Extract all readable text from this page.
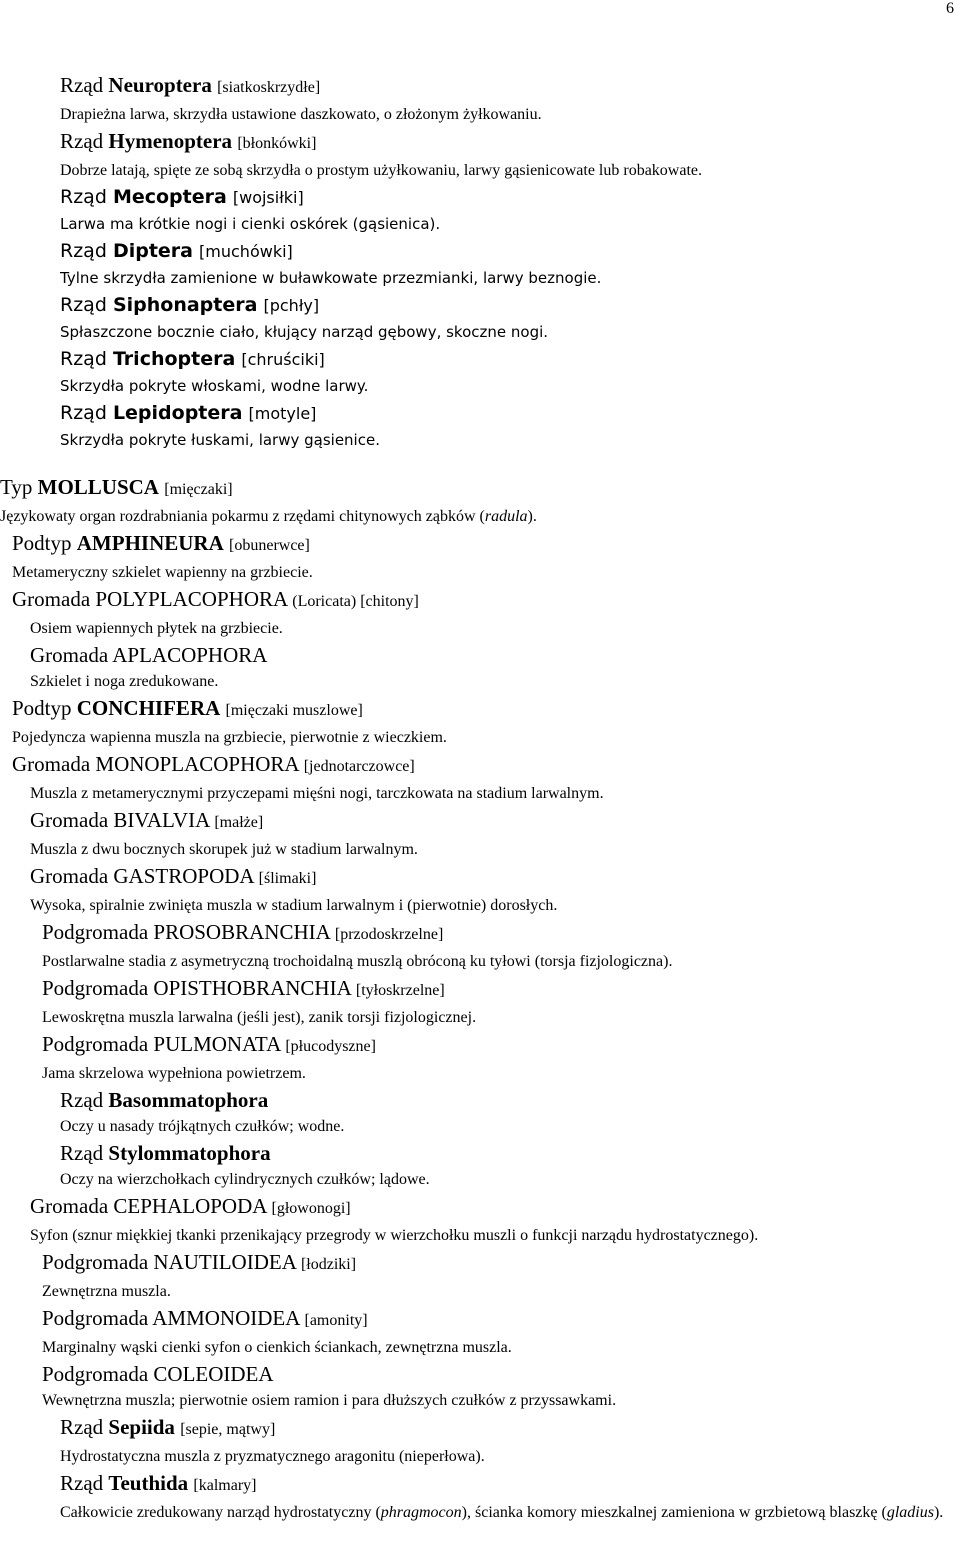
6
Rząd Neuroptera [siatkoskrzydłe]
Drapieżna larwa, skrzydła ustawione daszkowato, o złożonym żyłkowaniu.
Rząd Hymenoptera [błonkówki]
Dobrze latają, spięte ze sobą skrzydła o prostym użyłkowaniu, larwy gąsienicowate lub robakowate.
Rząd Mecoptera [wojsiłki]
Larwa ma krótkie nogi i cienki oskórek (gąsienica).
Rząd Diptera [muchówki]
Tylne skrzydła zamienione w buławkowate przezmianki, larwy beznogie.
Rząd Siphonaptera [pchły]
Spłaszczone bocznie ciało, kłujący narząd gębowy, skoczne nogi.
Rząd Trichoptera [chruściki]
Skrzydła pokryte włoskami, wodne larwy.
Rząd Lepidoptera [motyle]
Skrzydła pokryte łuskami, larwy gąsienice.
Typ MOLLUSCA [mięczaki]
Językowaty organ rozdrabniania pokarmu z rzędami chitynowych ząbków (radula).
Podtyp AMPHINEURA [obunerwce]
Metameryczny szkielet wapienny na grzbiecie.
Gromada POLYPLACOPHORA (Loricata) [chitony]
Osiem wapiennych płytek na grzbiecie.
Gromada APLACOPHORA
Szkielet i noga zredukowane.
Podtyp CONCHIFERA [mięczaki muszlowe]
Pojedyncza wapienna muszla na grzbiecie, pierwotnie z wieczkiem.
Gromada MONOPLACOPHORA [jednotarczowce]
Muszla z metamerycznymi przyczepami mięśni nogi, tarczkowata na stadium larwalnym.
Gromada BIVALVIA [małże]
Muszla z dwu bocznych skorupek już w stadium larwalnym.
Gromada GASTROPODA [ślimaki]
Wysoka, spiralnie zwinięta muszla w stadium larwalnym i (pierwotnie) dorosłych.
Podgromada PROSOBRANCHIA [przodoskrzelne]
Postlarwalne stadia z asymetryczną trochoidalną muszlą obróconą ku tyłowi (torsja fizjologiczna).
Podgromada OPISTHOBRANCHIA [tyłoskrzelne]
Lewoskrętna muszla larwalna (jeśli jest), zanik torsji fizjologicznej.
Podgromada PULMONATA [płucodyszne]
Jama skrzelowa wypełniona powietrzem.
Rząd Basommatophora
Oczy u nasady trójkątnych czułków; wodne.
Rząd Stylommatophora
Oczy na wierzchołkach cylindrycznych czułków; lądowe.
Gromada CEPHALOPODA [głowonogi]
Syfon (sznur miękkiej tkanki przenikający przegrody w wierzchołku muszli o funkcji narządu hydrostatycznego).
Podgromada NAUTILOIDEA [łodziki]
Zewnętrzna muszla.
Podgromada AMMONOIDEA [amonity]
Marginalny wąski cienki syfon o cienkich ściankach, zewnętrzna muszla.
Podgromada COLEOIDEA
Wewnętrzna muszla; pierwotnie osiem ramion i para dłuższych czułków z przyssawkami.
Rząd Sepiida [sepie, mątwy]
Hydrostatyczna muszla z pryzmatycznego aragonitu (nieperłowa).
Rząd Teuthida [kalmary]
Całkowicie zredukowany narząd hydrostatyczny (phragmocon), ścianka komory mieszkalnej zamieniona w grzbietową blaszkę (gladius).
